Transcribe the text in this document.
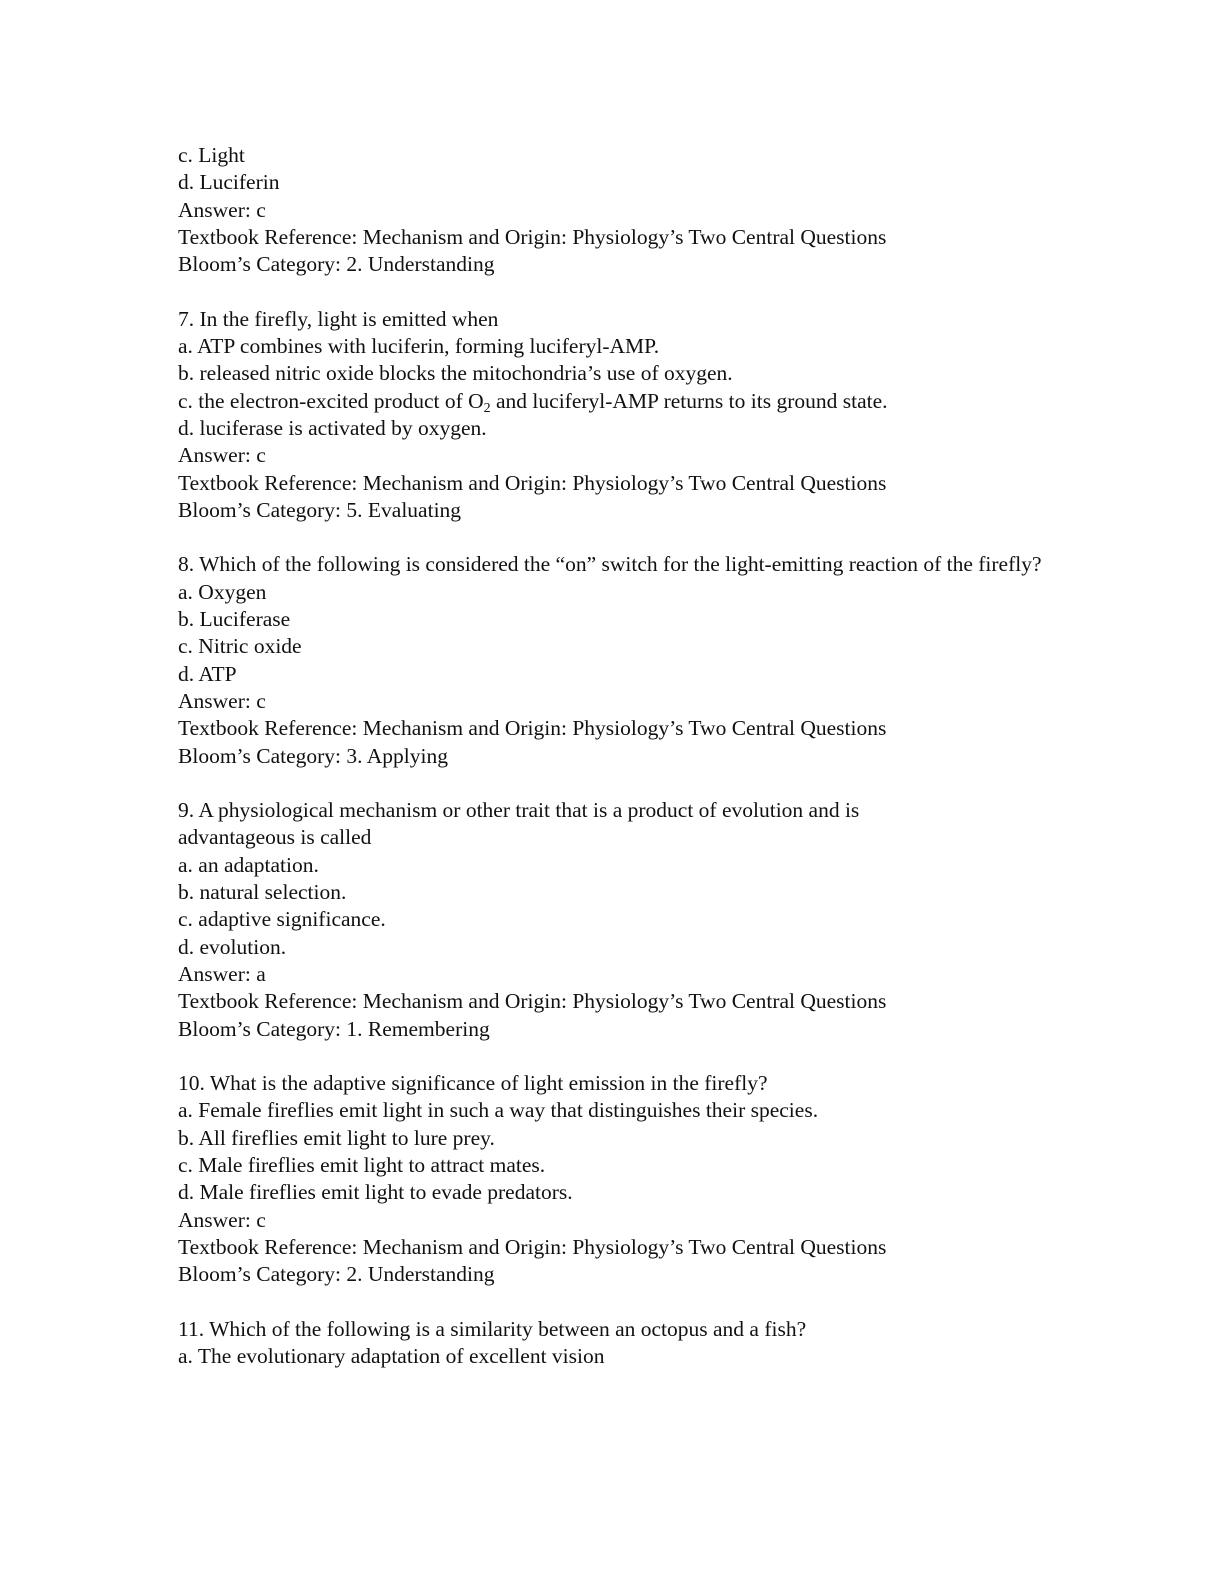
c. Light

d. Luciferin

Answer: c

Textbook Reference: Mechanism and Origin: Physiology’s Two Central Questions

Bloom’s Category: 2. Understanding

7. In the firefly, light is emitted when

a. ATP combines with luciferin, forming luciferyl-AMP.

b. released nitric oxide blocks the mitochondria’s use of oxygen.

c. the electron-excited product of $O_2$ and luciferyl-AMP returns to its ground state.

d. luciferase is activated by oxygen.

Answer: c

Textbook Reference: Mechanism and Origin: Physiology’s Two Central Questions

Bloom’s Category: 5. Evaluating

8. Which of the following is considered the “on” switch for the light-emitting reaction of the firefly?

a. Oxygen

b. Luciferase

c. Nitric oxide

d. ATP

Answer: c

Textbook Reference: Mechanism and Origin: Physiology’s Two Central Questions

Bloom’s Category: 3. Applying

9. A physiological mechanism or other trait that is a product of evolution and is advantageous is called

a. an adaptation.

b. natural selection.

c. adaptive significance.

d. evolution.

Answer: a

Textbook Reference: Mechanism and Origin: Physiology’s Two Central Questions

Bloom’s Category: 1. Remembering

10. What is the adaptive significance of light emission in the firefly?

a. Female fireflies emit light in such a way that distinguishes their species.

b. All fireflies emit light to lure prey.

c. Male fireflies emit light to attract mates.

d. Male fireflies emit light to evade predators.

Answer: c

Textbook Reference: Mechanism and Origin: Physiology’s Two Central Questions

Bloom’s Category: 2. Understanding

11. Which of the following is a similarity between an octopus and a fish?

a. The evolutionary adaptation of excellent vision
